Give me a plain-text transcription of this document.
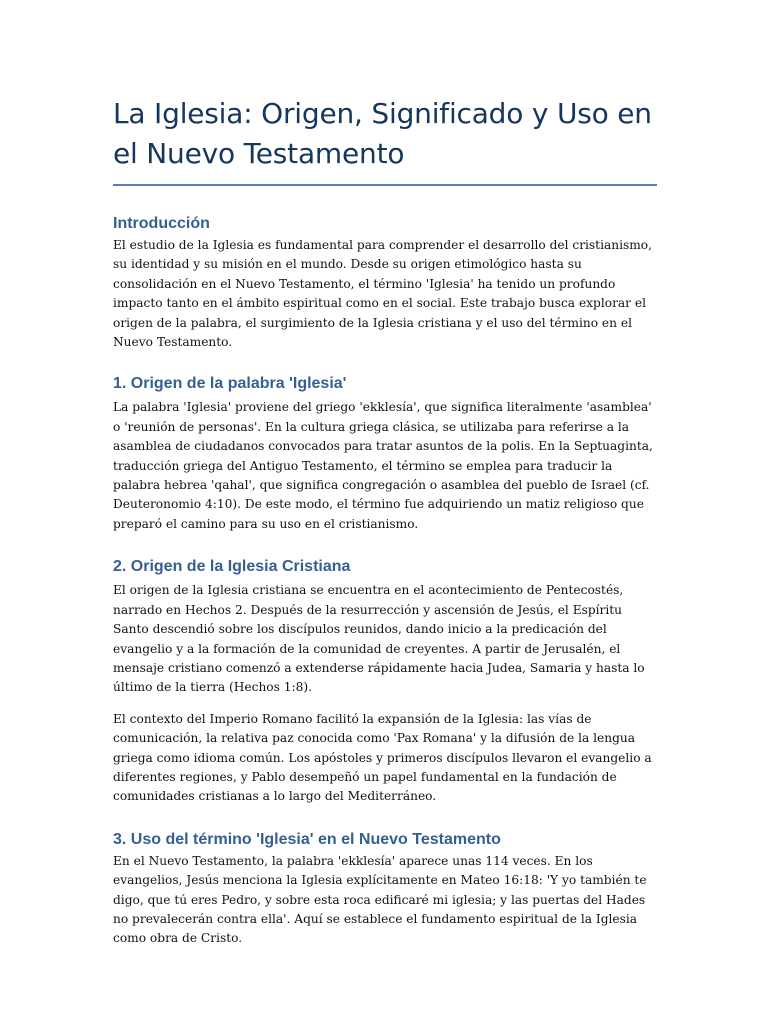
La Iglesia: Origen, Significado y Uso en el Nuevo Testamento
Introducción

El estudio de la Iglesia es fundamental para comprender el desarrollo del cristianismo, su identidad y su misión en el mundo. Desde su origen etimológico hasta su consolidación en el Nuevo Testamento, el término 'Iglesia' ha tenido un profundo impacto tanto en el ámbito espiritual como en el social. Este trabajo busca explorar el origen de la palabra, el surgimiento de la Iglesia cristiana y el uso del término en el Nuevo Testamento.

1. Origen de la palabra 'Iglesia'

La palabra 'Iglesia' proviene del griego 'ekklesía', que significa literalmente 'asamblea' o 'reunión de personas'. En la cultura griega clásica, se utilizaba para referirse a la asamblea de ciudadanos convocados para tratar asuntos de la polis. En la Septuaginta, traducción griega del Antiguo Testamento, el término se emplea para traducir la palabra hebrea 'qahal', que significa congregación o asamblea del pueblo de Israel (cf. Deuteronomio 4:10). De este modo, el término fue adquiriendo un matiz religioso que preparó el camino para su uso en el cristianismo.

2. Origen de la Iglesia Cristiana

El origen de la Iglesia cristiana se encuentra en el acontecimiento de Pentecostés, narrado en Hechos 2. Después de la resurrección y ascensión de Jesús, el Espíritu Santo descendió sobre los discípulos reunidos, dando inicio a la predicación del evangelio y a la formación de la comunidad de creyentes. A partir de Jerusalén, el mensaje cristiano comenzó a extenderse rápidamente hacia Judea, Samaria y hasta lo último de la tierra (Hechos 1:8).

El contexto del Imperio Romano facilitó la expansión de la Iglesia: las vías de comunicación, la relativa paz conocida como 'Pax Romana' y la difusión de la lengua griega como idioma común. Los apóstoles y primeros discípulos llevaron el evangelio a diferentes regiones, y Pablo desempeñó un papel fundamental en la fundación de comunidades cristianas a lo largo del Mediterráneo.

3. Uso del término 'Iglesia' en el Nuevo Testamento

En el Nuevo Testamento, la palabra 'ekklesía' aparece unas 114 veces. En los evangelios, Jesús menciona la Iglesia explícitamente en Mateo 16:18: 'Y yo también te digo, que tú eres Pedro, y sobre esta roca edificaré mi iglesia; y las puertas del Hades no prevalecerán contra ella'. Aquí se establece el fundamento espiritual de la Iglesia como obra de Cristo.
